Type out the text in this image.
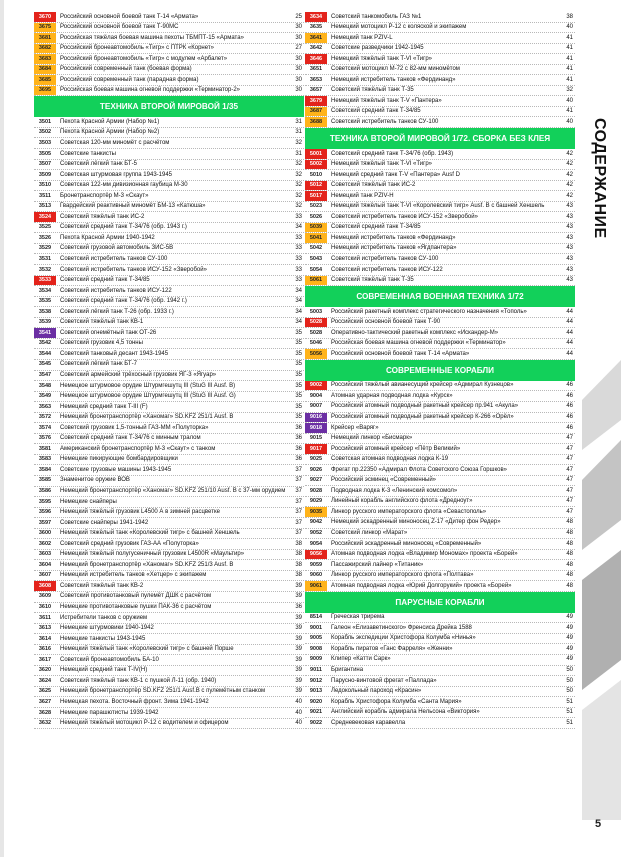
3670	Российский основной боевой танк Т-14 «Армата»	25
3675	Российский основной боевой танк Т-90МС	30
3681	Российская тяжёлая боевая машина пехоты ТБМПТ-15 «Армата»	30
3682	Российский бронеавтомобиль «Тигр» с ПТРК «Корнет»	27
3683	Российский бронеавтомобиль «Тигр» с модулем «Арбалет»	30
3684	Российский современный танк (боевая форма)	30
3685	Российский современный танк (парадная форма)	30
3695	Российская боевая машина огневой поддержки «Терминатор-2»	30
ТЕХНИКА ВТОРОЙ МИРОВОЙ 1/35
3501	Пехота Красной Армии (Набор №1)	31
3502	Пехота Красной Армии (Набор №2)	31
3503	Советская 120-мм миномёт с расчётом	32
3505	Советские танкисты	31
3507	Советский лёгкий танк БТ-5	32
3509	Советская штурмовая группа 1943-1945	32
3510	Советская 122-мм дивизионная гаубица М-30	32
3511	Бронетранспортёр М-3 «Скаут»	32
3513	Гвардейский реактивный миномёт БМ-13 «Катюша»	32
3524	Советский тяжёлый танк ИС-2	33
3525	Советский средний танк Т-34/76 (обр. 1943 г.)	34
3526	Пехота Красной Армии 1940-1942	33
3529	Советский грузовой автомобиль ЗИС-5В	33
3531	Советский истребитель танков СУ-100	33
3532	Советский истребитель танков ИСУ-152 «Зверобой»	33
3533	Советский средний танк Т-34/85	33
3534	Советский истребитель танков ИСУ-122	34
3535	Советский средний танк Т-34/76 (обр. 1942 г.)	34
3538	Советский лёгкий танк Т-26 (обр. 1933 г.)	34
3539	Советский тяжёлый танк КВ-1	34
3541	Советский огнемётный танк ОТ-26	35
3542	Советский грузовик 4,5 тонны	35
3544	Советский танковый десант 1943-1945	35
3545	Советский лёгкий танк БТ-7	35
3547	Советский армейский трёхосный грузовик ЯГ-3 «Ягуар»	35
3548	Немецкое штурмовое орудие Штурмгешутц III (StuG III Ausf. B)	35
3549	Немецкое штурмовое орудие Штурмгешутц III (StuG III Ausf. G)	35
3563	Немецкий средний танк T-III (F)	35
3572	Немецкий бронетранспортёр «Ханомаг» SD.KFZ 251/1 Ausf. B	35
3574	Советский грузовик 1,5-тонный ГАЗ-ММ «Полуторка»	36
3576	Советский средний танк Т-34/76 с минным тралом	36
3581	Американский бронетранспортёр M-3 «Скаут» с танком	36
3583	Немецкие пикирующие бомбардировщики	36
3584	Советские грузовые машины 1943-1945	37
3585	Знаменитое оружие ВОВ	37
3586	Немецкий бронетранспортёр «Ханомаг» SD.KFZ 251/10 Ausf. B с 37-мм орудием	37
3595	Немецкие снайперы	37
3596	Немецкий тяжёлый грузовик L4500 А в зимней расцветке	37
3597	Советские снайперы 1941-1942	37
3600	Немецкий тяжёлый танк «Королевский тигр» с башней Хеншель	37
3602	Советский средний грузовик ГАЗ-АА «Полуторка»	38
3603	Немецкий тяжёлый полугусеничный грузовик L4500R «Маультир»	38
3604	Немецкий бронетранспортёр «Ханомаг» SD.KFZ 251/3 Ausf. B	38
3607	Немецкий истребитель танков «Хетцер» с экипажем	38
3608	Советский тяжёлый танк КВ-2	39
3609	Советский противотанковый пулемёт ДШК с расчётом	39
3610	Немецкие противотанковые пушки ПАК-36 с расчётом	36
3611	Истребители танков с оружием	39
3613	Немецкие штурмовики 1940-1942	39
3614	Немецкие танкисты 1943-1945	39
3616	Немецкий тяжёлый танк «Королевский тигр» с башней Порше	39
3617	Советский бронеавтомобиль БА-10	39
3620	Немецкий средний танк T-IV(H)	39
3624	Советский тяжёлый танк КВ-1 с пушкой Л-11 (обр. 1940)	39
3625	Немецкий бронетранспортёр SD.KFZ 251/1 Ausf.B с пулемётным станком	39
3627	Немецкая пехота. Восточный фронт. Зима 1941-1942	40
3628	Немецкие парашютисты 1939-1942	40
3632	Немецкий тяжёлый мотоцикл Р-12 с водителем и офицером	40
3634	Советский танкомобиль ГАЗ №1	38
3635	Немецкий мотоцикл Р-12 с коляской и экипажем	40
3641	Немецкий танк PZIV-L	41
3642	Советские разведчики 1942-1945	41
3646	Немецкий тяжёлый танк T-VI «Тигр»	41
3651	Советский мотоцикл М-72 с 82-мм миномётом	41
3653	Немецкий истребитель танков «Фердинанд»	41
3657	Советский тяжёлый танк Т-35	32
3679	Немецкий тяжёлый танк T-V «Пантера»	40
3687	Советский средний танк Т-34/85	41
3688	Советский истребитель танков СУ-100	40
ТЕХНИКА ВТОРОЙ МИРОВОЙ 1/72. СБОРКА БЕЗ КЛЕЯ
5001	Советский средний танк Т-34/76 (обр. 1943)	42
5002	Немецкий тяжёлый танк T-VI «Тигр»	42
5010	Немецкий средний танк T-V «Пантера» Ausf D	42
5012	Советский тяжёлый танк ИС-2	42
5017	Немецкий танк PZIV-H	42
5023	Немецкий тяжёлый танк T-VI «Королевский тигр» Ausf. B с башней Хеншель	43
5026	Советский истребитель танков ИСУ-152 «Зверобой»	43
5039	Советский средний танк Т-34/85	43
5041	Немецкий истребитель танков «Фердинанд»	43
5042	Немецкий истребитель танков «Ягдпантера»	43
5043	Советский истребитель танков СУ-100	43
5054	Советский истребитель танков ИСУ-122	43
5061	Советский тяжёлый танк Т-35	43
СОВРЕМЕННАЯ ВОЕННАЯ ТЕХНИКА 1/72
5003	Российский ракетный комплекс стратегического назначения «Тополь»	44
5028	Российский основной боевой танк Т-90	44
5028	Оперативно-тактический ракетный комплекс «Искандер-М»	44
5046	Российская боевая машина огневой поддержки «Терминатор»	44
5056	Российский основной боевой танк Т-14 «Армата»	44
СОВРЕМЕННЫЕ КОРАБЛИ
9002	Российский тяжёлый авианесущий крейсер «Адмирал Кузнецов»	46
9004	Атомная ударная подводная лодка «Курск»	46
9007	Российский атомный подводный ракетный крейсер пр.941 «Акула»	46
9016	Российский атомный подводный ракетный крейсер К-266 «Орёл»	46
9018	Крейсер «Варяг»	46
9015	Немецкий линкор «Бисмарк»	47
9017	Российский атомный крейсер «Пётр Великий»	47
9025	Советская атомная подводная лодка К-19	47
9026	Фрегат пр.22350 «Адмирал Флота Советского Союза Горшков»	47
9027	Российский эсминец «Современный»	47
9028	Подводная лодка К-3 «Ленинский комсомол»	47
9029	Линейный корабль английского флота «Дредноут»	47
9035	Линкор русского императорского флота «Севастополь»	47
9042	Немецкий эскадренный миноносец Z-17 «Дитер фон Редер»	48
9052	Советский линкор «Марат»	48
9054	Российский эскадренный миноносец «Современный»	48
9056	Атомная подводная лодка «Владимир Мономах» проекта «Борей»	48
9059	Пассажирский лайнер «Титаник»	48
9060	Линкор русского императорского флота «Полтава»	48
9061	Атомная подводная лодка «Юрий Долгорукий» проекта «Борей»	48
ПАРУСНЫЕ КОРАБЛИ
8514	Греческая трирема	49
9001	Галеон «Елизаветинского» Френсиса Дрейка 1588	49
9005	Корабль экспедиции Христофора Колумба «Нинья»	49
9008	Корабль пиратов «Ганс Фарреля» «Женни»	49
9009	Клипер «Катти Сарк»	49
9011	Бригантина	50
9012	Парусно-винтовой фрегат «Паллада»	50
9013	Ледокольный пароход «Красин»	50
9020	Корабль Христофора Колумба «Санта Мария»	51
9021	Английский корабль адмирала Нельсона «Виктория»	51
9022	Средневековая каравелла	51
СОДЕРЖАНИЕ
5
